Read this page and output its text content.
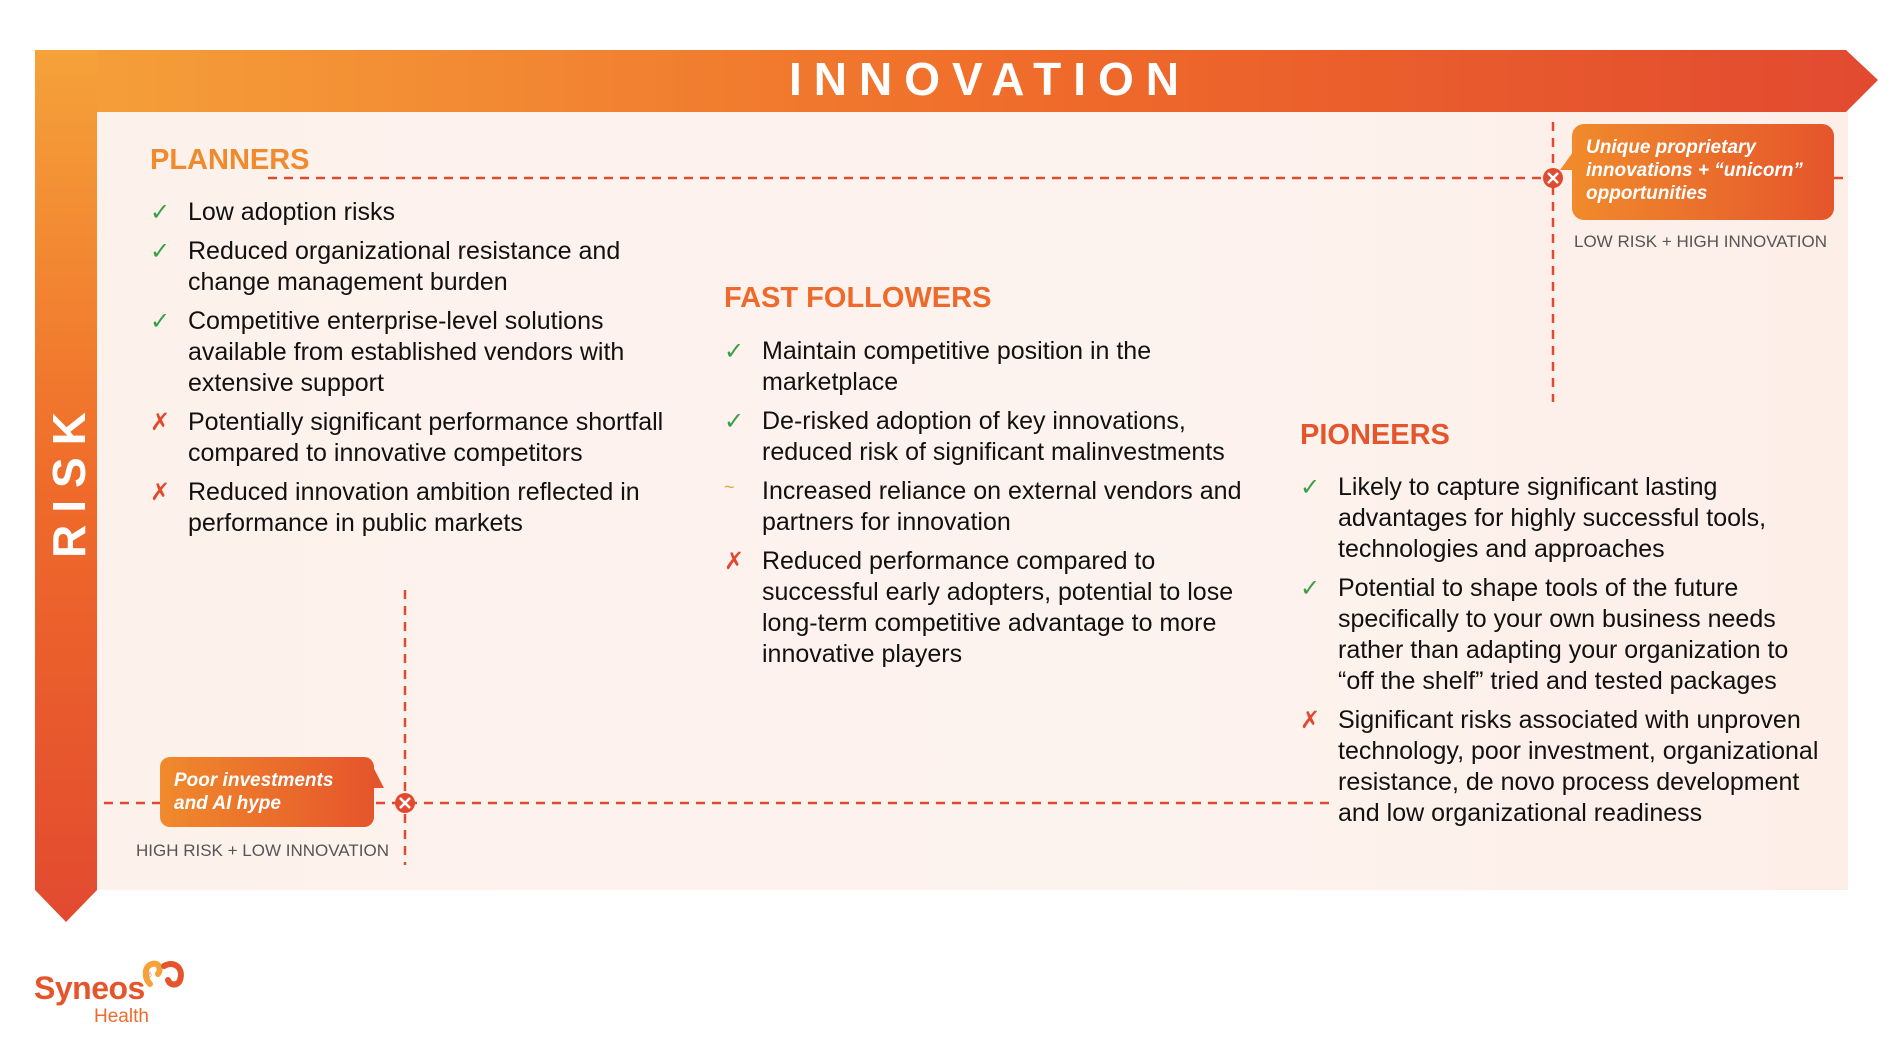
INNOVATION

RISK

PLANNERS

✓ Low adoption risks
✓ Reduced organizational resistance and change management burden
✓ Competitive enterprise-level solutions available from established vendors with extensive support
✗ Potentially significant performance shortfall compared to innovative competitors
✗ Reduced innovation ambition reflected in performance in public markets

FAST FOLLOWERS

✓ Maintain competitive position in the marketplace
✓ De-risked adoption of key innovations, reduced risk of significant malinvestments
~	Increased reliance on external vendors and partners for innovation
✗ Reduced performance compared to successful early adopters, potential to lose long-term competitive advantage to more innovative players

PIONEERS

✓ Likely to capture significant lasting advantages for highly successful tools, technologies and approaches
✓ Potential to shape tools of the future specifically to your own business needs rather than adapting your organization to “off the shelf” tried and tested packages
✗ Significant risks associated with unproven technology, poor investment, organizational resistance, de novo process development and low organizational readiness

Unique proprietary innovations + “unicorn” opportunities

LOW RISK + HIGH INNOVATION

Poor investments and AI hype

HIGH RISK + LOW INNOVATION

Syneos®
Health
